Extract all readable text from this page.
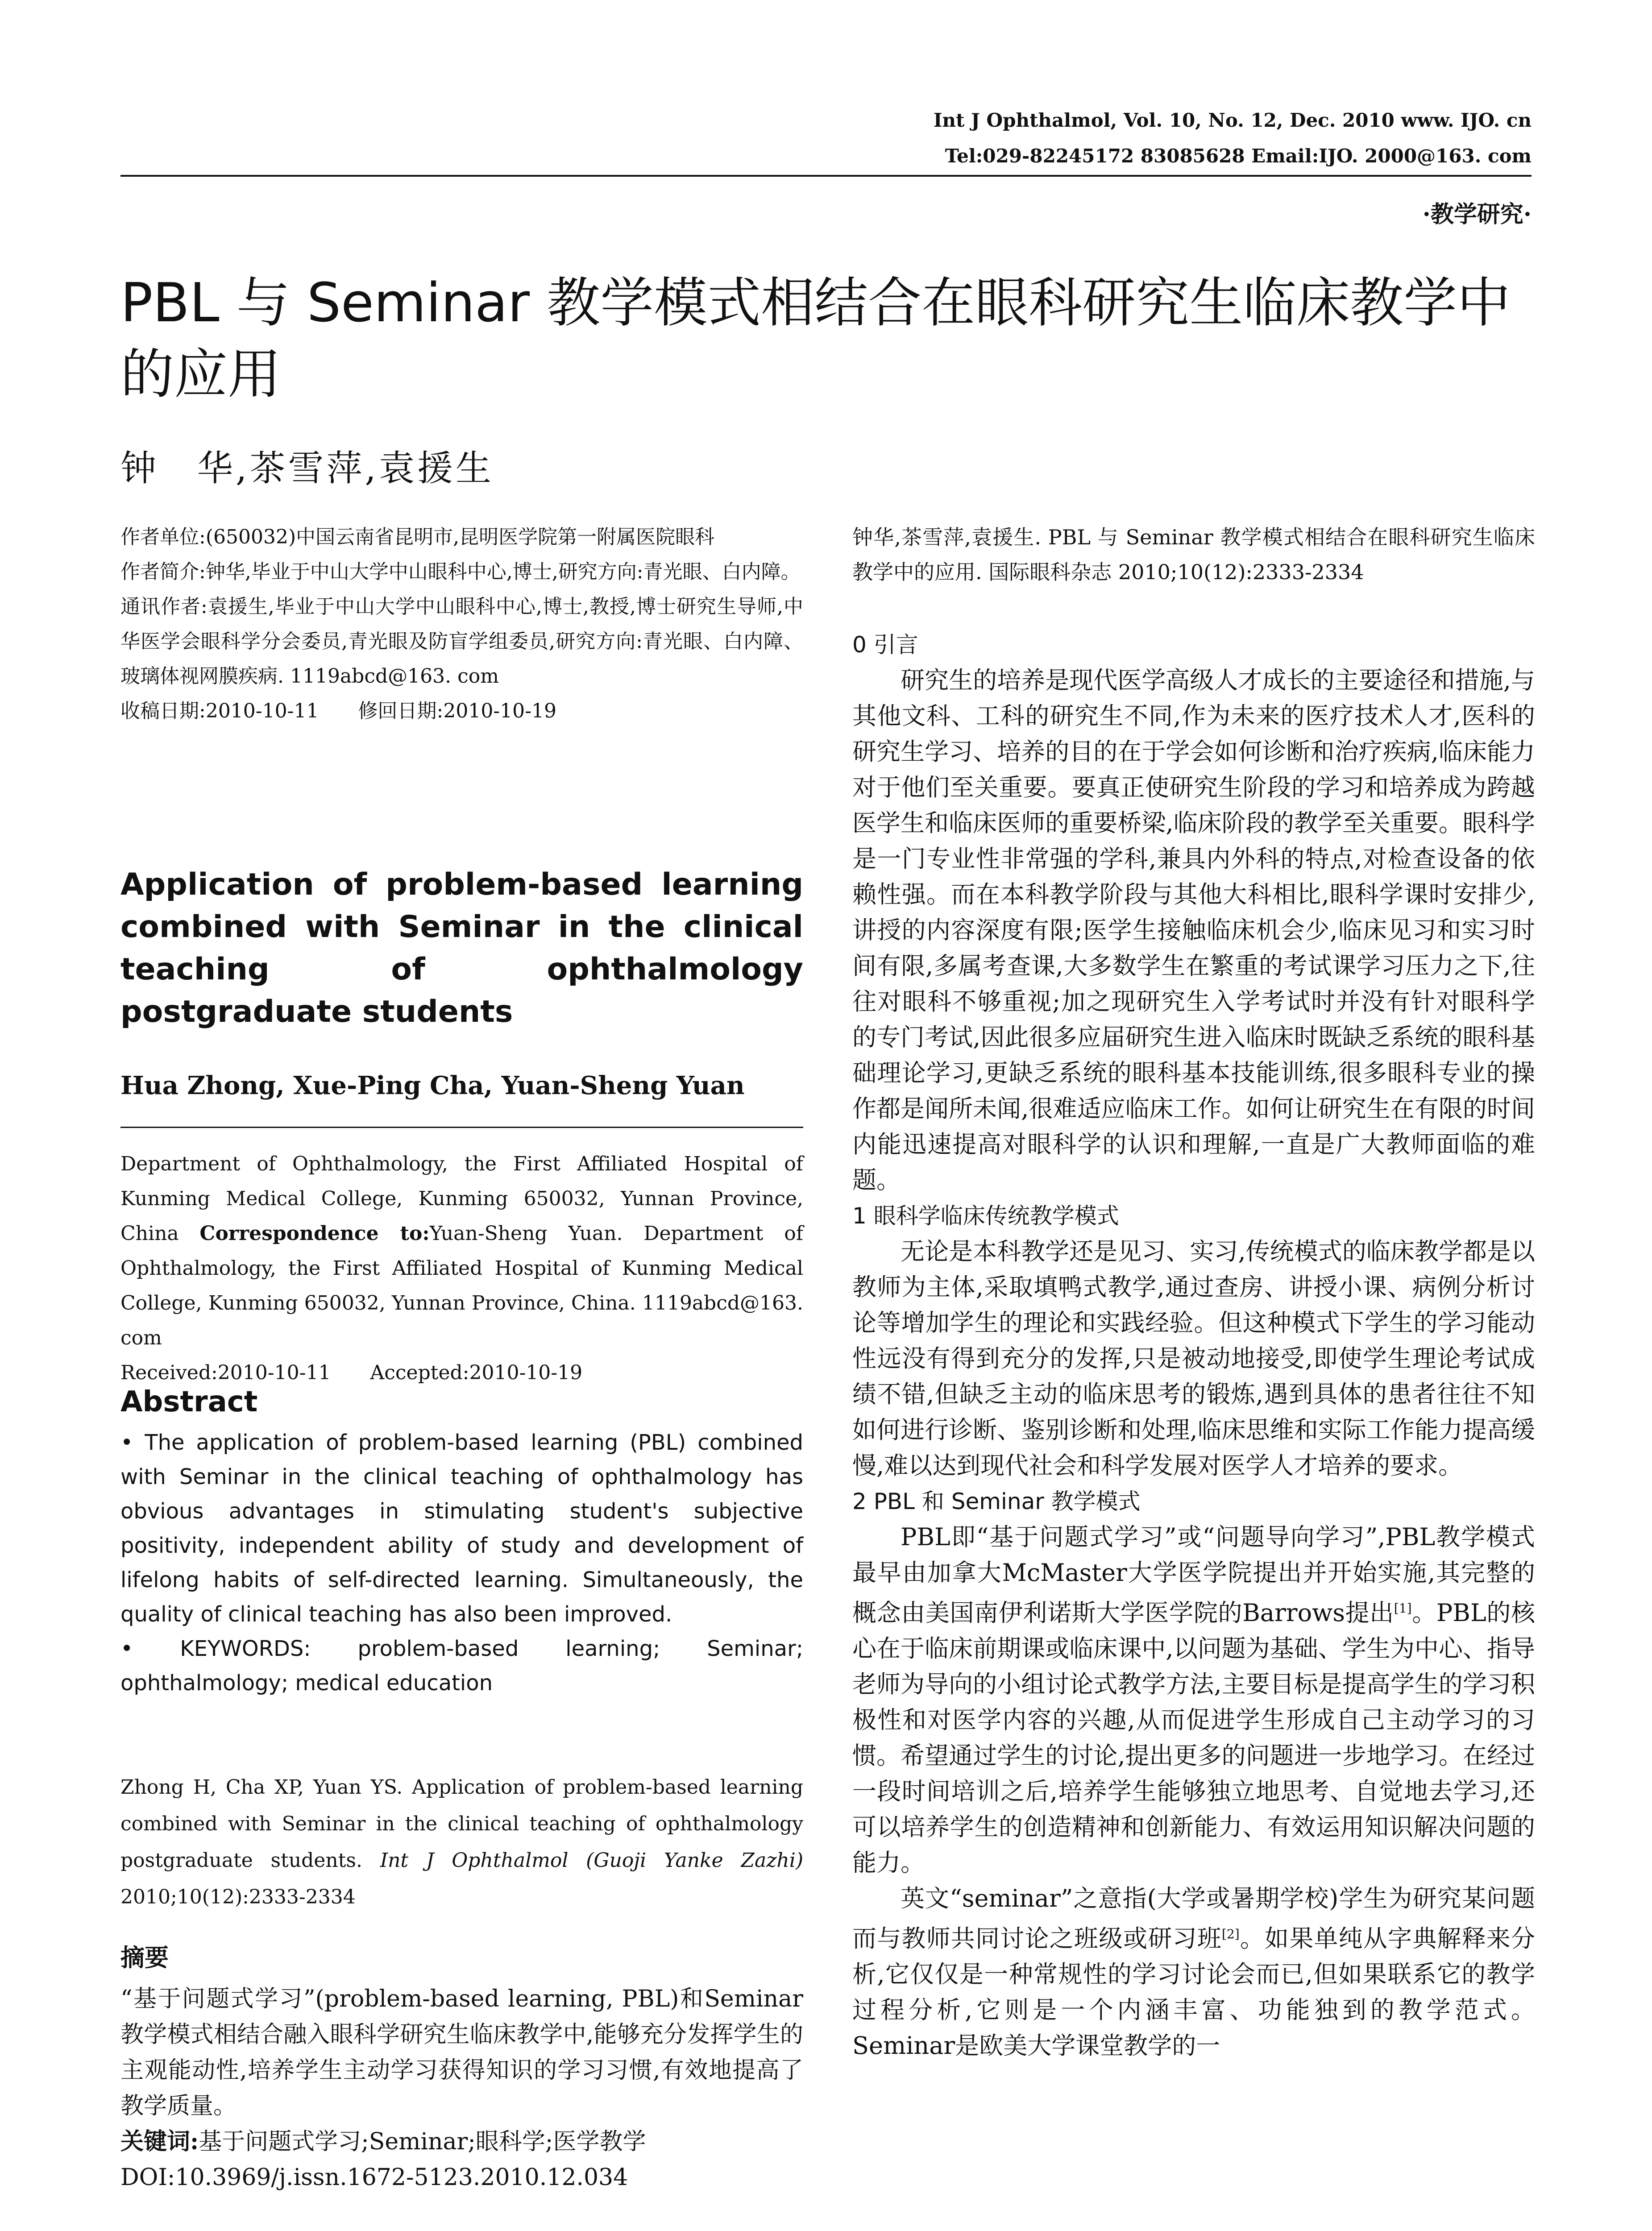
Int J Ophthalmol, Vol. 10, No. 12, Dec. 2010 www. IJO. cn
Tel:029-82245172 83085628 Email:IJO. 2000@163. com
·教学研究·
PBL 与 Seminar 教学模式相结合在眼科研究生临床教学中的应用
钟　华,茶雪萍,袁援生

作者单位:(650032)中国云南省昆明市,昆明医学院第一附属医院眼科

作者简介:钟华,毕业于中山大学中山眼科中心,博士,研究方向:青光眼、白内障。

通讯作者:袁援生,毕业于中山大学中山眼科中心,博士,教授,博士研究生导师,中华医学会眼科学分会委员,青光眼及防盲学组委员,研究方向:青光眼、白内障、玻璃体视网膜疾病. 1119abcd@163. com

收稿日期:2010-10-11　　修回日期:2010-10-19

Application of problem-based learning combined with Seminar in the clinical teaching of ophthalmology postgraduate students
Hua Zhong, Xue-Ping Cha, Yuan-Sheng Yuan
Department of Ophthalmology, the First Affiliated Hospital of Kunming Medical College, Kunming 650032, Yunnan Province, China Correspondence to:Yuan-Sheng Yuan. Department of Ophthalmology, the First Affiliated Hospital of Kunming Medical College, Kunming 650032, Yunnan Province, China. 1119abcd@163. com
Received:2010-10-11　　Accepted:2010-10-19
Abstract
• The application of problem-based learning (PBL) combined with Seminar in the clinical teaching of ophthalmology has obvious advantages in stimulating student's subjective positivity, independent ability of study and development of lifelong habits of self-directed learning. Simultaneously, the quality of clinical teaching has also been improved.
• KEYWORDS: problem-based learning; Seminar; ophthalmology; medical education
Zhong H, Cha XP, Yuan YS. Application of problem-based learning combined with Seminar in the clinical teaching of ophthalmology postgraduate students. Int J Ophthalmol (Guoji Yanke Zazhi) 2010;10(12):2333-2334
摘要
“基于问题式学习”(problem-based learning, PBL)和Seminar教学模式相结合融入眼科学研究生临床教学中,能够充分发挥学生的主观能动性,培养学生主动学习获得知识的学习习惯,有效地提高了教学质量。
关键词:基于问题式学习;Seminar;眼科学;医学教学
DOI:10.3969/j.issn.1672-5123.2010.12.034
钟华,茶雪萍,袁援生. PBL 与 Seminar 教学模式相结合在眼科研究生临床教学中的应用. 国际眼科杂志 2010;10(12):2333-2334

0 引言

研究生的培养是现代医学高级人才成长的主要途径和措施,与其他文科、工科的研究生不同,作为未来的医疗技术人才,医科的研究生学习、培养的目的在于学会如何诊断和治疗疾病,临床能力对于他们至关重要。要真正使研究生阶段的学习和培养成为跨越医学生和临床医师的重要桥梁,临床阶段的教学至关重要。眼科学是一门专业性非常强的学科,兼具内外科的特点,对检查设备的依赖性强。而在本科教学阶段与其他大科相比,眼科学课时安排少,讲授的内容深度有限;医学生接触临床机会少,临床见习和实习时间有限,多属考查课,大多数学生在繁重的考试课学习压力之下,往往对眼科不够重视;加之现研究生入学考试时并没有针对眼科学的专门考试,因此很多应届研究生进入临床时既缺乏系统的眼科基础理论学习,更缺乏系统的眼科基本技能训练,很多眼科专业的操作都是闻所未闻,很难适应临床工作。如何让研究生在有限的时间内能迅速提高对眼科学的认识和理解,一直是广大教师面临的难题。

1 眼科学临床传统教学模式

无论是本科教学还是见习、实习,传统模式的临床教学都是以教师为主体,采取填鸭式教学,通过查房、讲授小课、病例分析讨论等增加学生的理论和实践经验。但这种模式下学生的学习能动性远没有得到充分的发挥,只是被动地接受,即使学生理论考试成绩不错,但缺乏主动的临床思考的锻炼,遇到具体的患者往往不知如何进行诊断、鉴别诊断和处理,临床思维和实际工作能力提高缓慢,难以达到现代社会和科学发展对医学人才培养的要求。

2 PBL 和 Seminar 教学模式

PBL即“基于问题式学习”或“问题导向学习”,PBL教学模式最早由加拿大McMaster大学医学院提出并开始实施,其完整的概念由美国南伊利诺斯大学医学院的Barrows提出[1]。PBL的核心在于临床前期课或临床课中,以问题为基础、学生为中心、指导老师为导向的小组讨论式教学方法,主要目标是提高学生的学习积极性和对医学内容的兴趣,从而促进学生形成自己主动学习的习惯。希望通过学生的讨论,提出更多的问题进一步地学习。在经过一段时间培训之后,培养学生能够独立地思考、自觉地去学习,还可以培养学生的创造精神和创新能力、有效运用知识解决问题的能力。

英文“seminar”之意指(大学或暑期学校)学生为研究某问题而与教师共同讨论之班级或研习班[2]。如果单纯从字典解释来分析,它仅仅是一种常规性的学习讨论会而已,但如果联系它的教学过程分析,它则是一个内涵丰富、功能独到的教学范式。Seminar是欧美大学课堂教学的一
